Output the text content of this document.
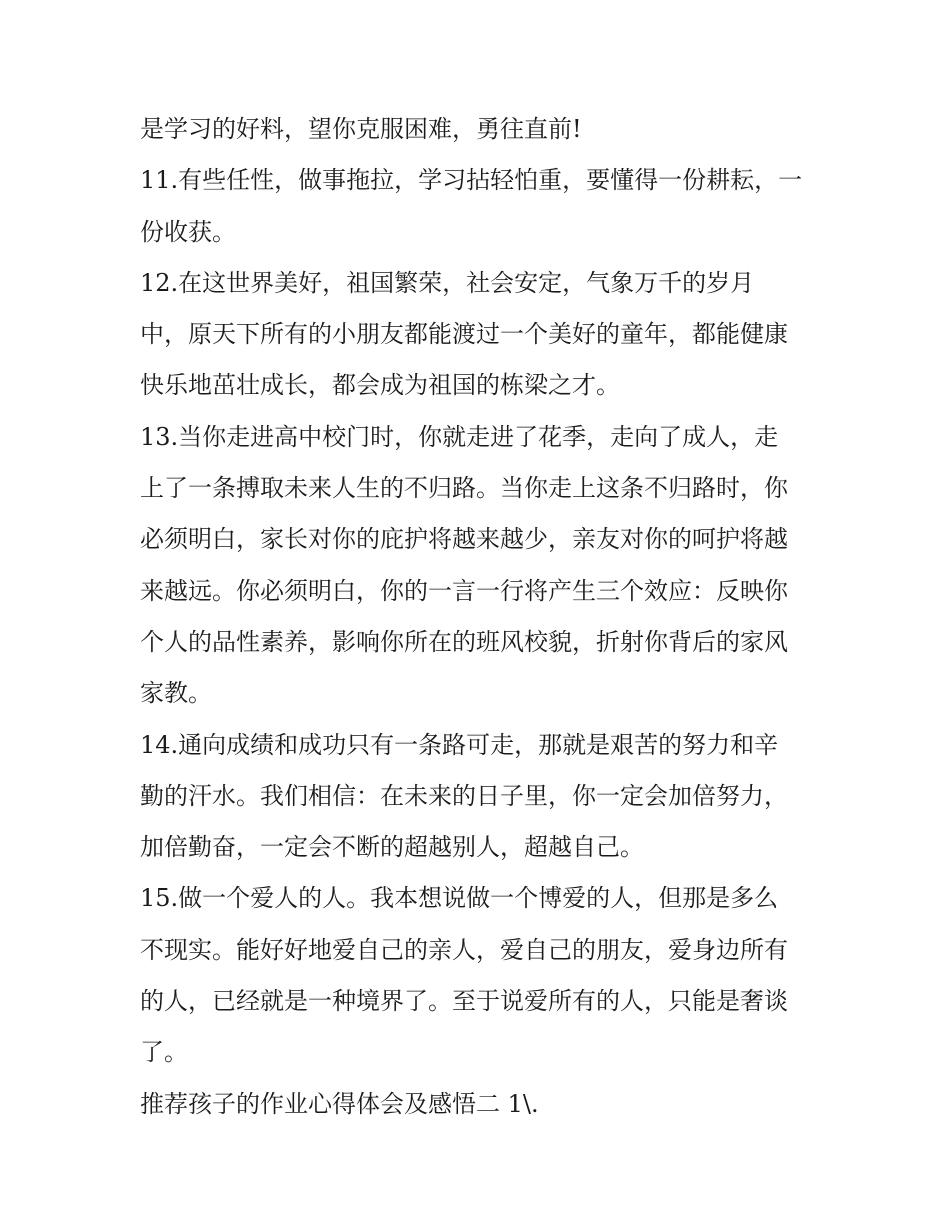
是学习的好料，望你克服困难，勇往直前!
11.有些任性，做事拖拉，学习拈轻怕重，要懂得一份耕耘，一
份收获。
12.在这世界美好，祖国繁荣，社会安定，气象万千的岁月
中，原天下所有的小朋友都能渡过一个美好的童年，都能健康
快乐地茁壮成长，都会成为祖国的栋梁之才。
13.当你走进高中校门时，你就走进了花季，走向了成人，走
上了一条搏取未来人生的不归路。当你走上这条不归路时，你
必须明白，家长对你的庇护将越来越少，亲友对你的呵护将越
来越远。你必须明白，你的一言一行将产生三个效应：反映你
个人的品性素养，影响你所在的班风校貌，折射你背后的家风
家教。
14.通向成绩和成功只有一条路可走，那就是艰苦的努力和辛
勤的汗水。我们相信：在未来的日子里，你一定会加倍努力，
加倍勤奋，一定会不断的超越别人，超越自己。
15.做一个爱人的人。我本想说做一个博爱的人，但那是多么
不现实。能好好地爱自己的亲人，爱自己的朋友，爱身边所有
的人，已经就是一种境界了。至于说爱所有的人，只能是奢谈
了。
推荐孩子的作业心得体会及感悟二 1\.
